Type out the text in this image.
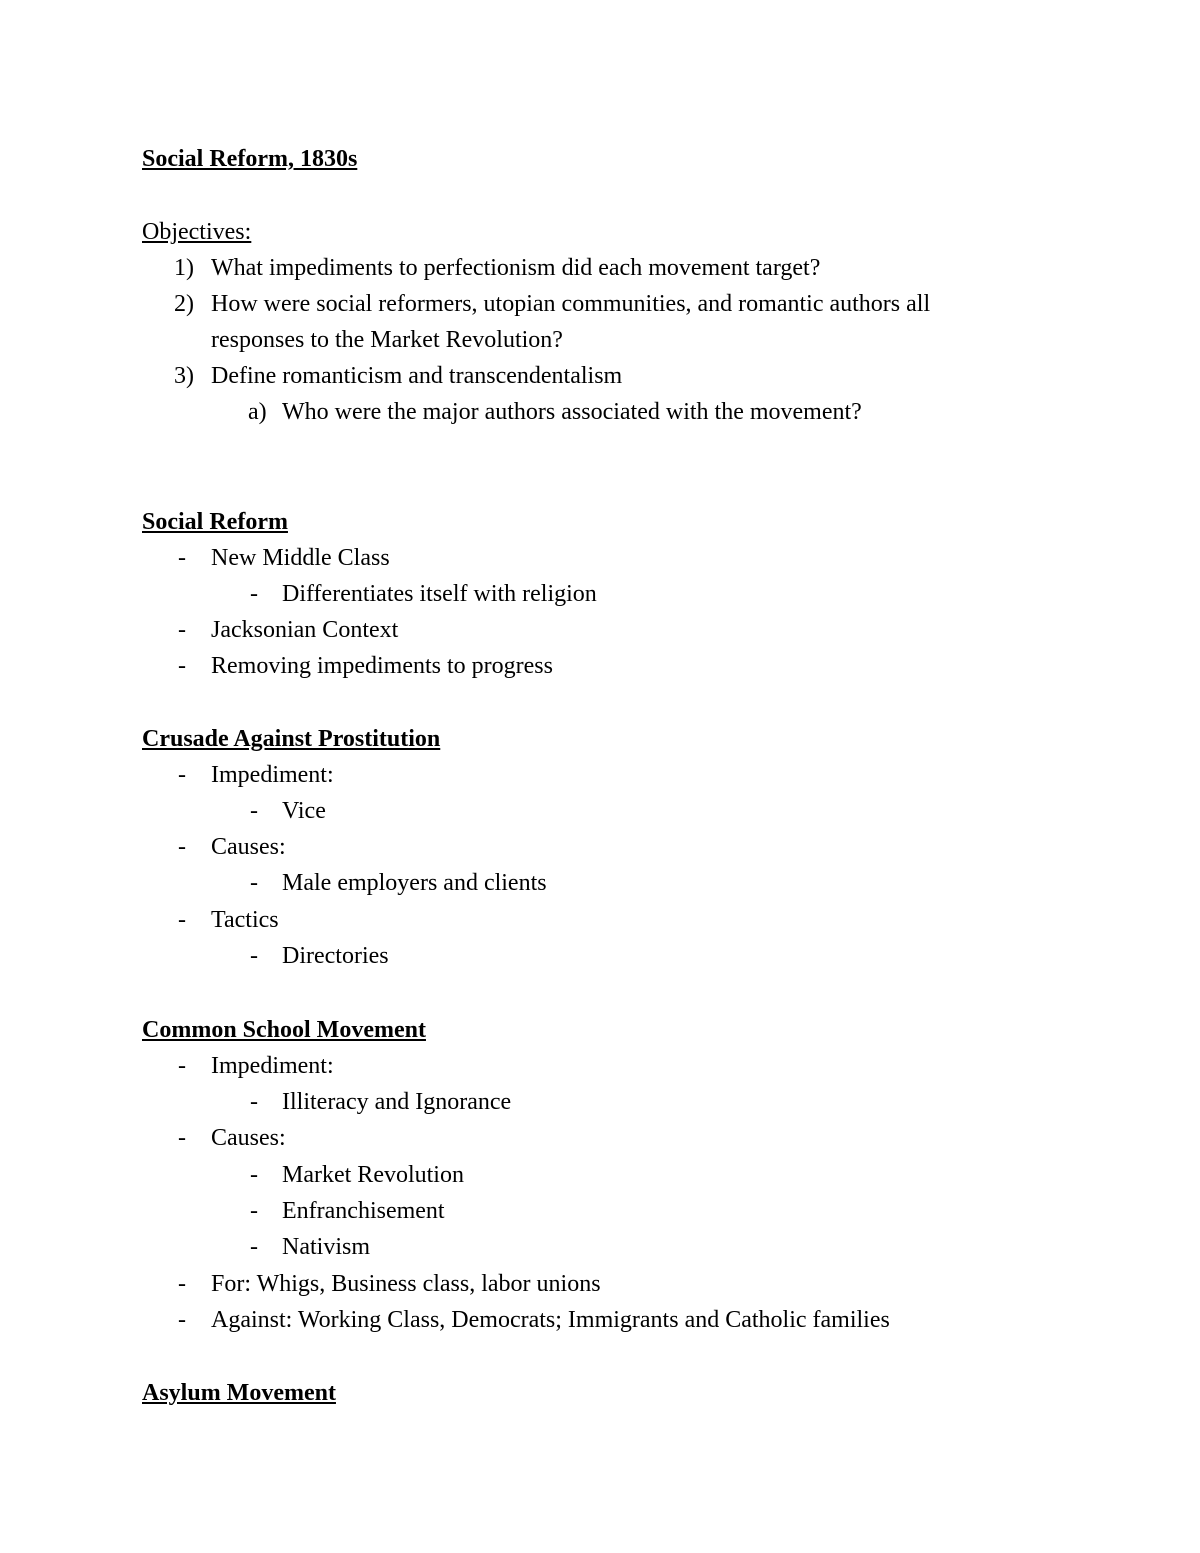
Social Reform, 1830s
Objectives:
1) What impediments to perfectionism did each movement target?
2) How were social reformers, utopian communities, and romantic authors all
responses to the Market Revolution?
3) Define romanticism and transcendentalism
a) Who were the major authors associated with the movement?
Social Reform
- New Middle Class
- Differentiates itself with religion
- Jacksonian Context
- Removing impediments to progress
Crusade Against Prostitution
- Impediment:
- Vice
- Causes:
- Male employers and clients
- Tactics
- Directories
Common School Movement
- Impediment:
- Illiteracy and Ignorance
- Causes:
- Market Revolution
- Enfranchisement
- Nativism
- For: Whigs, Business class, labor unions
- Against: Working Class, Democrats; Immigrants and Catholic families
Asylum Movement
